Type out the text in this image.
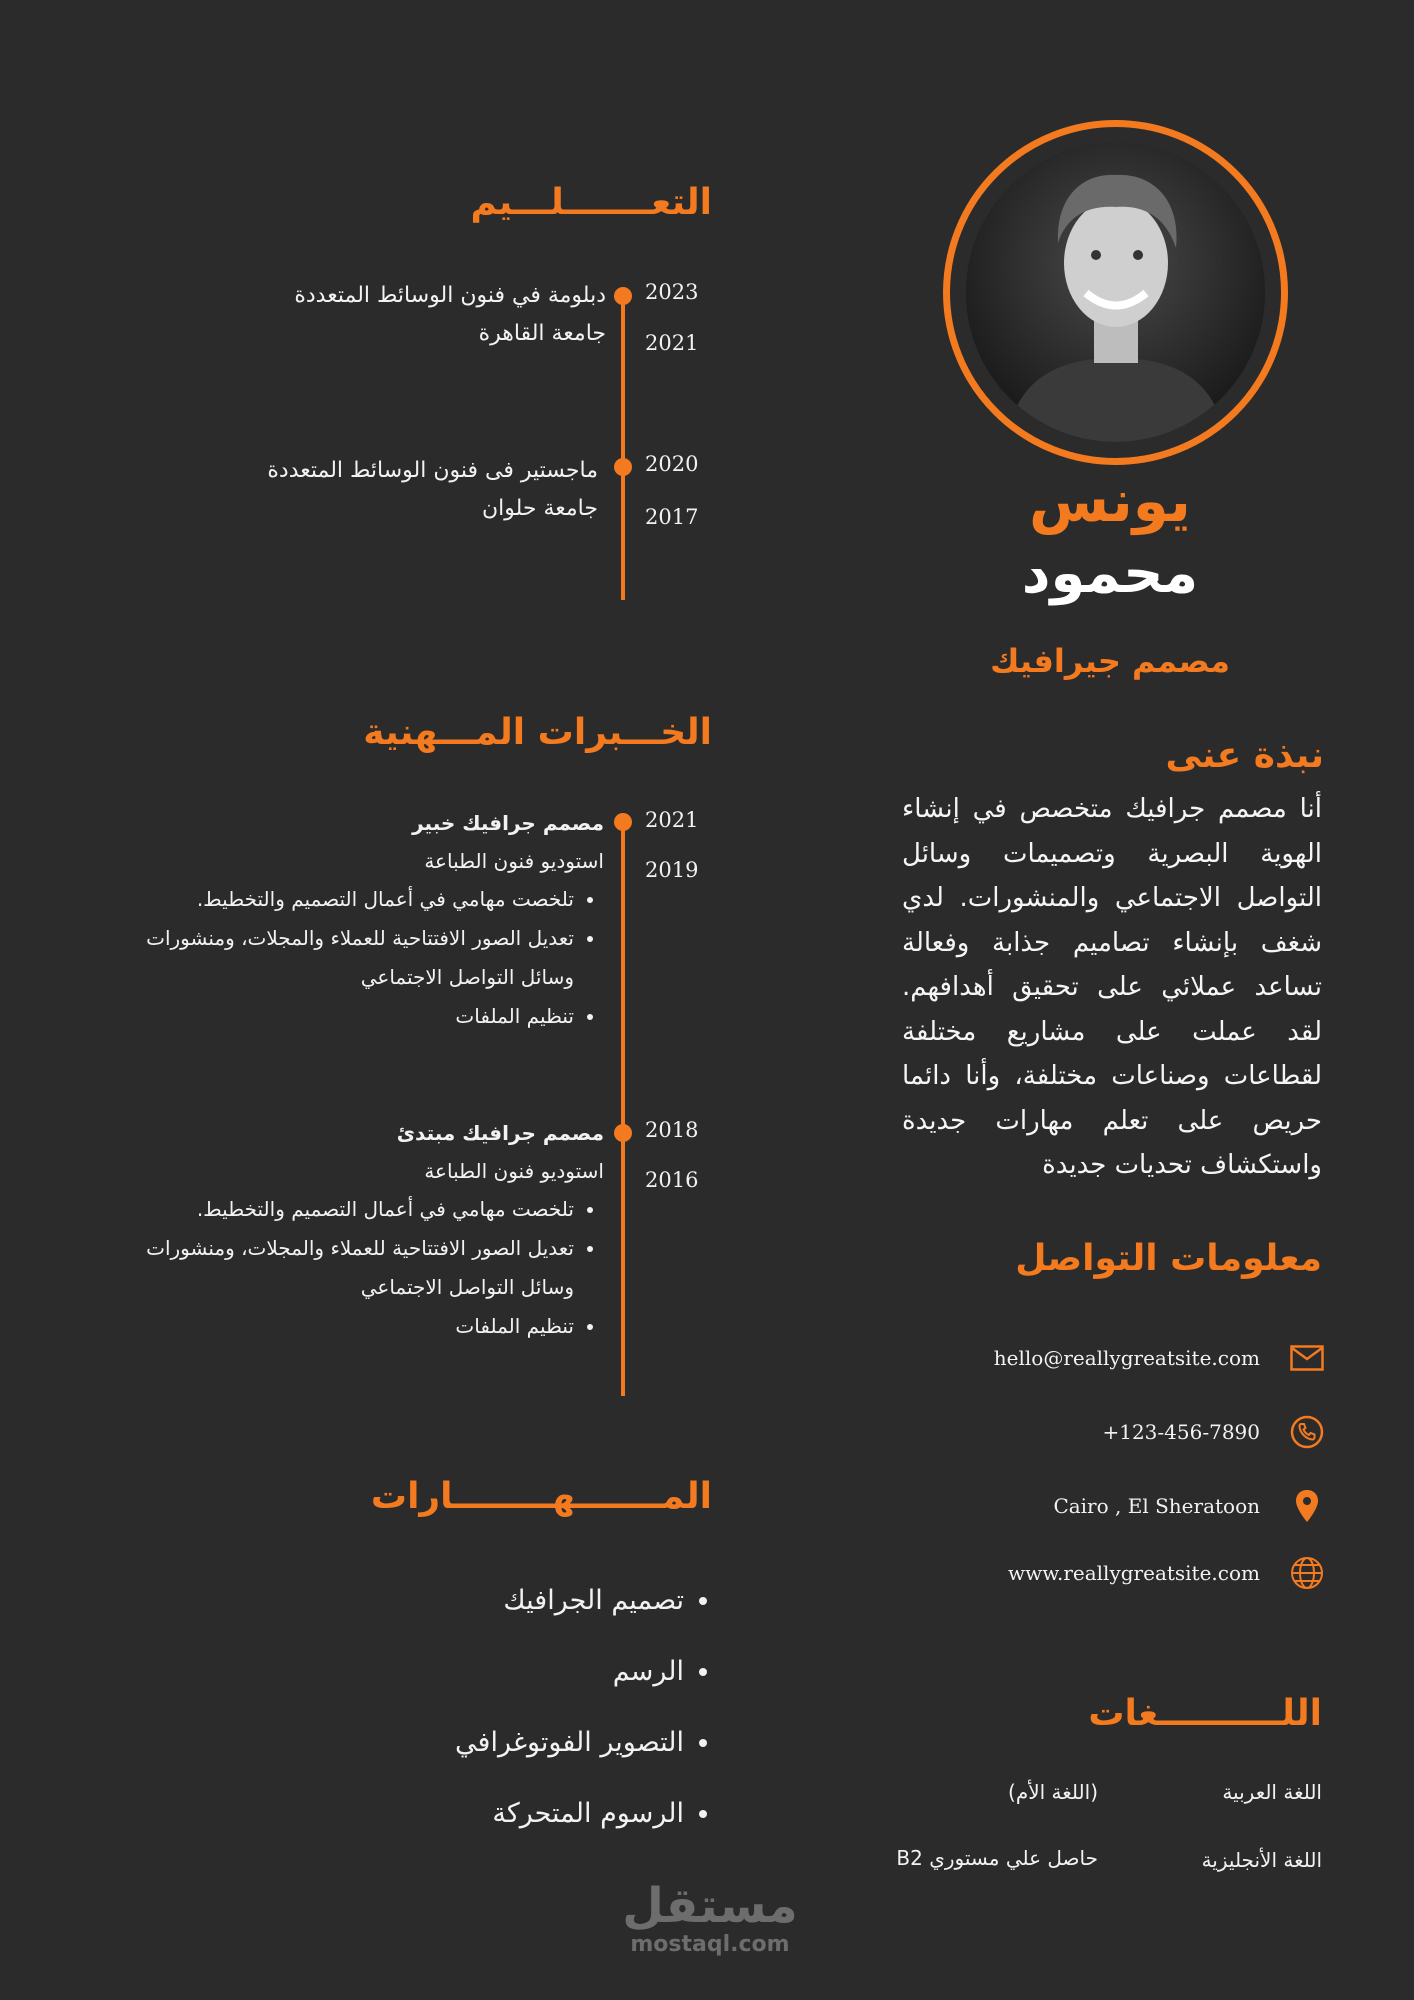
يونس
محمود
مصمم جيرافيك
نبذة عنى
أنا مصمم جرافيك متخصص في إنشاء الهوية البصرية وتصميمات وسائل التواصل الاجتماعي والمنشورات. لدي شغف بإنشاء تصاميم جذابة وفعالة تساعد عملائي على تحقيق أهدافهم. لقد عملت على مشاريع مختلفة لقطاعات وصناعات مختلفة، وأنا دائما حريص على تعلم مهارات جديدة واستكشاف تحديات جديدة
معلومات التواصل
hello@reallygreatsite.com
+123-456-7890
Cairo , El Sheratoon
www.reallygreatsite.com
اللــــــــــغات
اللغة العربية
(اللغة الأم)
اللغة الأنجليزية
حاصل علي مستوري B2
التعـــــــلـــيم
2023
2021
دبلومة في فنون الوسائط المتعددة
جامعة القاهرة
2020
2017
ماجستير فى فنون الوسائط المتعددة
جامعة حلوان
الخـــبرات المـــهنية
2021
2019
مصمم جرافيك خبير
استوديو فنون الطباعة
• تلخصت مهامي في أعمال التصميم والتخطيط.
• تعديل الصور الافتتاحية للعملاء والمجلات، ومنشورات وسائل التواصل الاجتماعي
• تنظيم الملفات
2018
2016
مصمم جرافيك مبتدئ
استوديو فنون الطباعة
• تلخصت مهامي في أعمال التصميم والتخطيط.
• تعديل الصور الافتتاحية للعملاء والمجلات، ومنشورات وسائل التواصل الاجتماعي
• تنظيم الملفات
المـــــــهــــــــارات
• تصميم الجرافيك
• الرسم
• التصوير الفوتوغرافي
• الرسوم المتحركة
مستقل
mostaql.com
